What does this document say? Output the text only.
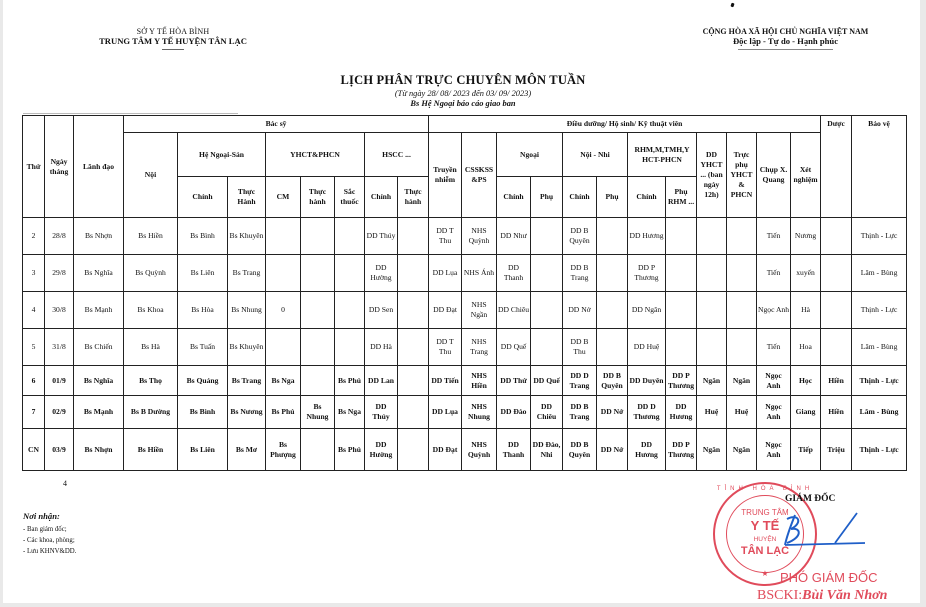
SỞ Y TẾ HÒA BÌNH
TRUNG TÂM Y TẾ HUYỆN TÂN LẠC
CỘNG HÒA XÃ HỘI CHỦ NGHĨA VIỆT NAM
Độc lập - Tự do - Hạnh phúc
LỊCH PHÂN TRỰC CHUYÊN MÔN TUẦN
(Từ ngày 28/ 08/ 2023 đến 03/ 09/ 2023)
Bs Hệ Ngoại báo cáo giao ban
Thứ	Ngày tháng	Lãnh đạo	Bác sỹ								Điều dưỡng/ Hộ sinh/ Kỹ thuật viên												Dược	Bảo vệ
			Nội	Hệ Ngoại-Sản		YHCT&PHCN			HSCC ...		Truyền nhiễm	CSSKSS &PS	Ngoại		Nội - Nhi		RHM,M,TMH,Y HCT-PHCN		DD YHCT ... (ban ngày 12h)	Trực phụ YHCT & PHCN	Chụp X. Quang	Xét nghiệm		
				Chính	Thực Hành	CM	Thực hành	Sắc thuốc	Chính	Thực hành			Chính	Phụ	Chính	Phụ	Chính	Phụ RHM ...						
2	28/8	Bs Nhợn	Bs Hiền	Bs Bình	Bs Khuyên				DD Thúy		DD T Thu	NHS Quỳnh	DD Như		DD B Quyên		DD Hương				Tiến	Nương		Thịnh - Lực
3	29/8	Bs Nghĩa	Bs Quỳnh	Bs Liên	Bs Trang				DD Hường		DD Lụa	NHS Ánh	DD Thanh		DD B Trang		DD P Thương				Tiến	xuyến		Lâm - Bùng
4	30/8	Bs Mạnh	Bs Khoa	Bs Hòa	Bs Nhung	0			DD Sen		DD Đạt	NHS Ngần	DD Chiêu		DD Nở		DD Ngân				Ngọc Anh	Hà		Thịnh - Lực
5	31/8	Bs Chiến	Bs Hà	Bs Tuấn	Bs Khuyên				DD Hà		DD T Thu	NHS Trang	DD Quế		DD B Thu		DD Huệ				Tiến	Hoa		Lâm - Bùng
6	01/9	Bs Nghĩa	Bs Thọ	Bs Quảng	Bs Trang	Bs Nga		Bs Phú	DD Lan		DD Tiến	NHS Hiền	DD Thứ	DD Quế	DD D Trang	DD B Quyên	DD Duyên	DD P Thương	Ngân	Ngân	Ngọc Anh	Học	Hiền	Thịnh - Lực
7	02/9	Bs Mạnh	Bs B Dường	Bs Bình	Bs Nương	Bs Phú	Bs Nhung	Bs Nga	DD Thủy		DD Lụa	NHS Nhung	DD Đào	DD Chiêu	DD B Trang	DD Nở	DD D Thương	DD Hương	Huệ	Huệ	Ngọc Anh	Giang	Hiền	Lâm - Bùng
CN	03/9	Bs Nhợn	Bs Hiền	Bs Liên	Bs Mơ	Bs Phượng		Bs Phú	DD Hường		DD Đạt	NHS Quỳnh	DD Thanh	DD Đào, Nhi	DD B Quyên	DD Nở	DD Hương	DD P Thương	Ngân	Ngân	Ngọc Anh	Tiếp	Triệu	Thịnh - Lực
4
Nơi nhận:
- Ban giám đốc;
- Các khoa, phòng;
- Lưu KHNV&DD.
TỈNH HÒA BÌNH
TRUNG TÂM
Y TẾ
HUYỆN
TÂN LẠC
★
GIÁM ĐỐC
PHÓ GIÁM ĐỐC
BSCKI:Bùi Văn Nhơn
